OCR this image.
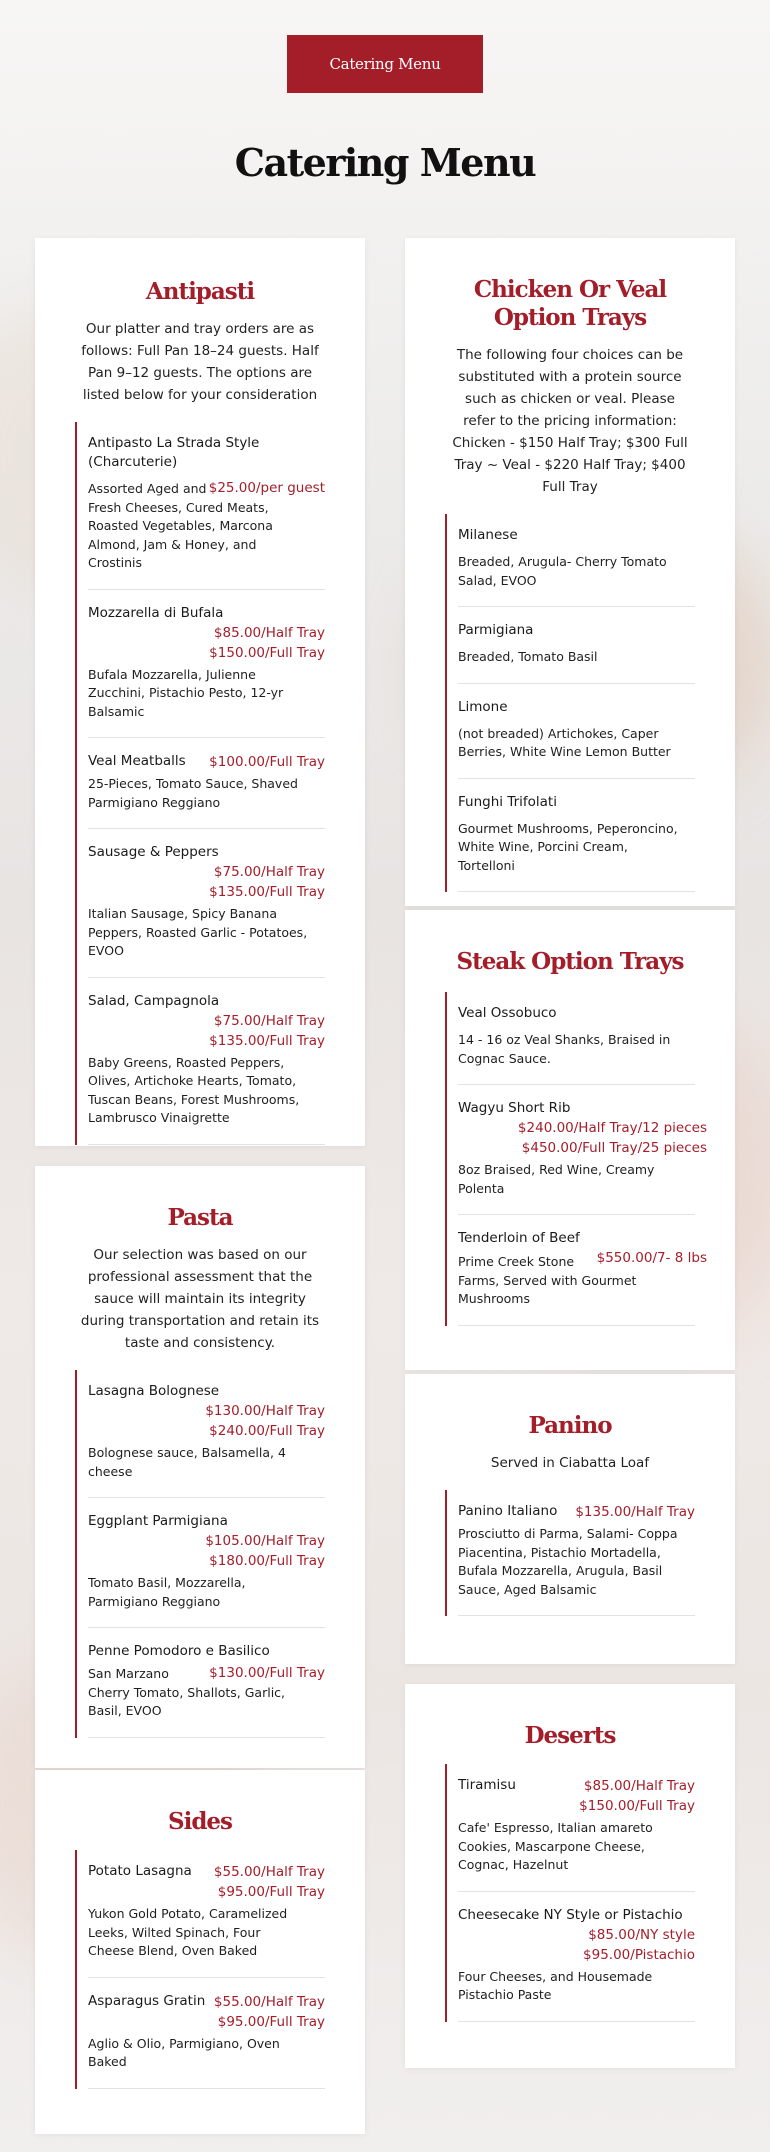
Catering Menu
Catering Menu
Antipasti

Our platter and tray orders are as follows: Full Pan 18–24 guests. Half Pan 9–12 guests. The options are listed below for your consideration

Antipasto La Strada Style (Charcuterie)
$25.00/per guest
Assorted Aged and Fresh Cheeses, Cured Meats, Roasted Vegetables, Marcona Almond, Jam & Honey, and Crostinis
Mozzarella di Bufala
$85.00/Half Tray
$150.00/Full Tray
Bufala Mozzarella, Julienne Zucchini, Pistachio Pesto, 12-yr Balsamic
Veal Meatballs $100.00/Full Tray
25-Pieces, Tomato Sauce, Shaved Parmigiano Reggiano
Sausage & Peppers
$75.00/Half Tray
$135.00/Full Tray
Italian Sausage, Spicy Banana Peppers, Roasted Garlic - Potatoes, EVOO
Salad, Campagnola
$75.00/Half Tray
$135.00/Full Tray
Baby Greens, Roasted Peppers, Olives, Artichoke Hearts, Tomato, Tuscan Beans, Forest Mushrooms, Lambrusco Vinaigrette
Chicken Or Veal Option Trays

The following four choices can be substituted with a protein source such as chicken or veal. Please refer to the pricing information: Chicken - $150 Half Tray; $300 Full Tray ~ Veal - $220 Half Tray; $400 Full Tray

Milanese
Breaded, Arugula- Cherry Tomato Salad, EVOO
Parmigiana
Breaded, Tomato Basil
Limone
(not breaded) Artichokes, Caper Berries, White Wine Lemon Butter
Funghi Trifolati
Gourmet Mushrooms, Peperoncino, White Wine, Porcini Cream, Tortelloni
Steak Option Trays
Veal Ossobuco
14 - 16 oz Veal Shanks, Braised in Cognac Sauce.
Wagyu Short Rib
$240.00/Half Tray/12 pieces
$450.00/Full Tray/25 pieces
8oz Braised, Red Wine, Creamy Polenta
Tenderloin of Beef
$550.00/7- 8 lbs
Prime Creek Stone Farms, Served with Gourmet Mushrooms
Pasta

Our selection was based on our professional assessment that the sauce will maintain its integrity during transportation and retain its taste and consistency.

Lasagna Bolognese
$130.00/Half Tray
$240.00/Full Tray
Bolognese sauce, Balsamella, 4 cheese
Eggplant Parmigiana
$105.00/Half Tray
$180.00/Full Tray
Tomato Basil, Mozzarella, Parmigiano Reggiano
Penne Pomodoro e Basilico
$130.00/Full Tray
San Marzano Cherry Tomato, Shallots, Garlic, Basil, EVOO
Panino

Served in Ciabatta Loaf

Panino Italiano $135.00/Half Tray
Prosciutto di Parma, Salami- Coppa Piacentina, Pistachio Mortadella, Bufala Mozzarella, Arugula, Basil Sauce, Aged Balsamic
Sides
Potato Lasagna $55.00/Half Tray
$95.00/Full Tray
Yukon Gold Potato, Caramelized Leeks, Wilted Spinach, Four Cheese Blend, Oven Baked
Asparagus Gratin $55.00/Half Tray
$95.00/Full Tray
Aglio & Olio, Parmigiano, Oven Baked
Deserts
Tiramisu	$85.00/Half Tray
$150.00/Full Tray
Cafe' Espresso, Italian amareto Cookies, Mascarpone Cheese, Cognac, Hazelnut
Cheesecake NY Style or Pistachio
$85.00/NY style
$95.00/Pistachio
Four Cheeses, and Housemade Pistachio Paste
